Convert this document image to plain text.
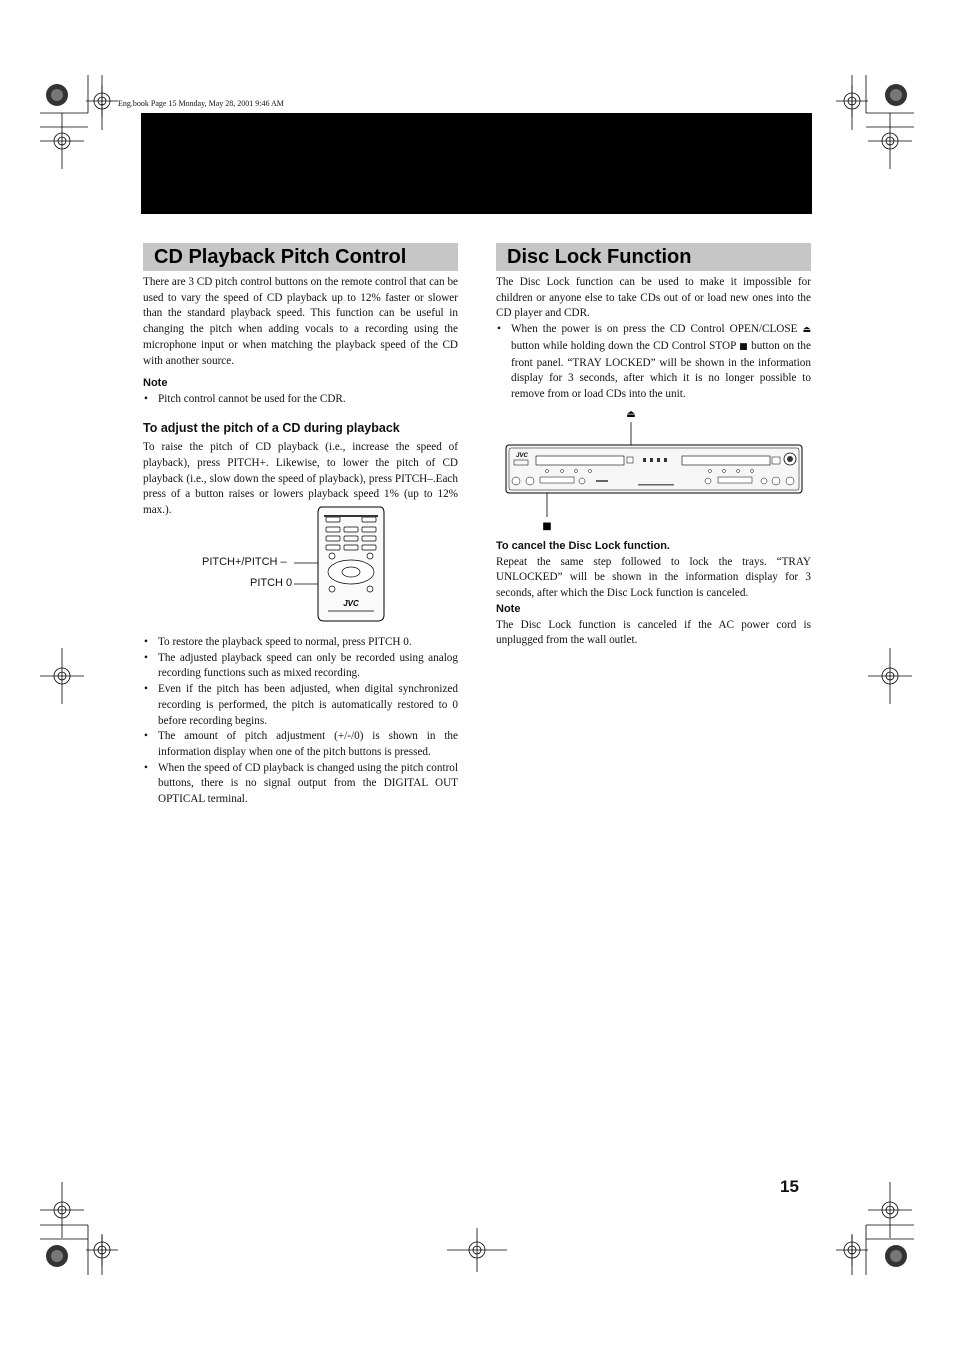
Eng.book Page 15 Monday, May 28, 2001 9:46 AM
CD Playback Pitch Control

There are 3 CD pitch control buttons on the remote control that can be used to vary the speed of CD playback up to 12% faster or slower than the standard playback speed. This function can be useful in changing the pitch when adding vocals to a recording using the microphone input or when matching the playback speed of the CD with another source.

Note

• Pitch control cannot be used for the CDR.

To adjust the pitch of a CD during playback

To raise the pitch of CD playback (i.e., increase the speed of playback), press PITCH+. Likewise, to lower the pitch of CD playback (i.e., slow down the speed of playback), press PITCH–.Each press of a button raises or lowers playback speed 1% (up to 12% max.).

PITCH+/PITCH –
PITCH 0
JVC
• To restore the playback speed to normal, press PITCH 0.
• The adjusted playback speed can only be recorded using analog recording functions such as mixed recording.
• Even if the pitch has been adjusted, when digital synchronized recording is performed, the pitch is automatically restored to 0 before recording begins.
• The amount of pitch adjustment (+/-/0) is shown in the information display when one of the pitch buttons is pressed.
• When the speed of CD playback is changed using the pitch control buttons, there is no signal output from the DIGITAL OUT OPTICAL terminal.
Disc Lock Function

The Disc Lock function can be used to make it impossible for children or anyone else to take CDs out of or load new ones into the CD player and CDR.

• When the power is on press the CD Control OPEN/CLOSE ⏏ button while holding down the CD Control STOP ■ button on the front panel. “TRAY LOCKED” will be shown in the information display for 3 seconds, after which it is no longer possible to remove from or load CDs into the unit.
⏏
■
JVC

To cancel the Disc Lock function.

Repeat the same step followed to lock the trays. “TRAY UNLOCKED” will be shown in the information display for 3 seconds, after which the Disc Lock function is canceled.

Note

The Disc Lock function is canceled if the AC power cord is unplugged from the wall outlet.

15
